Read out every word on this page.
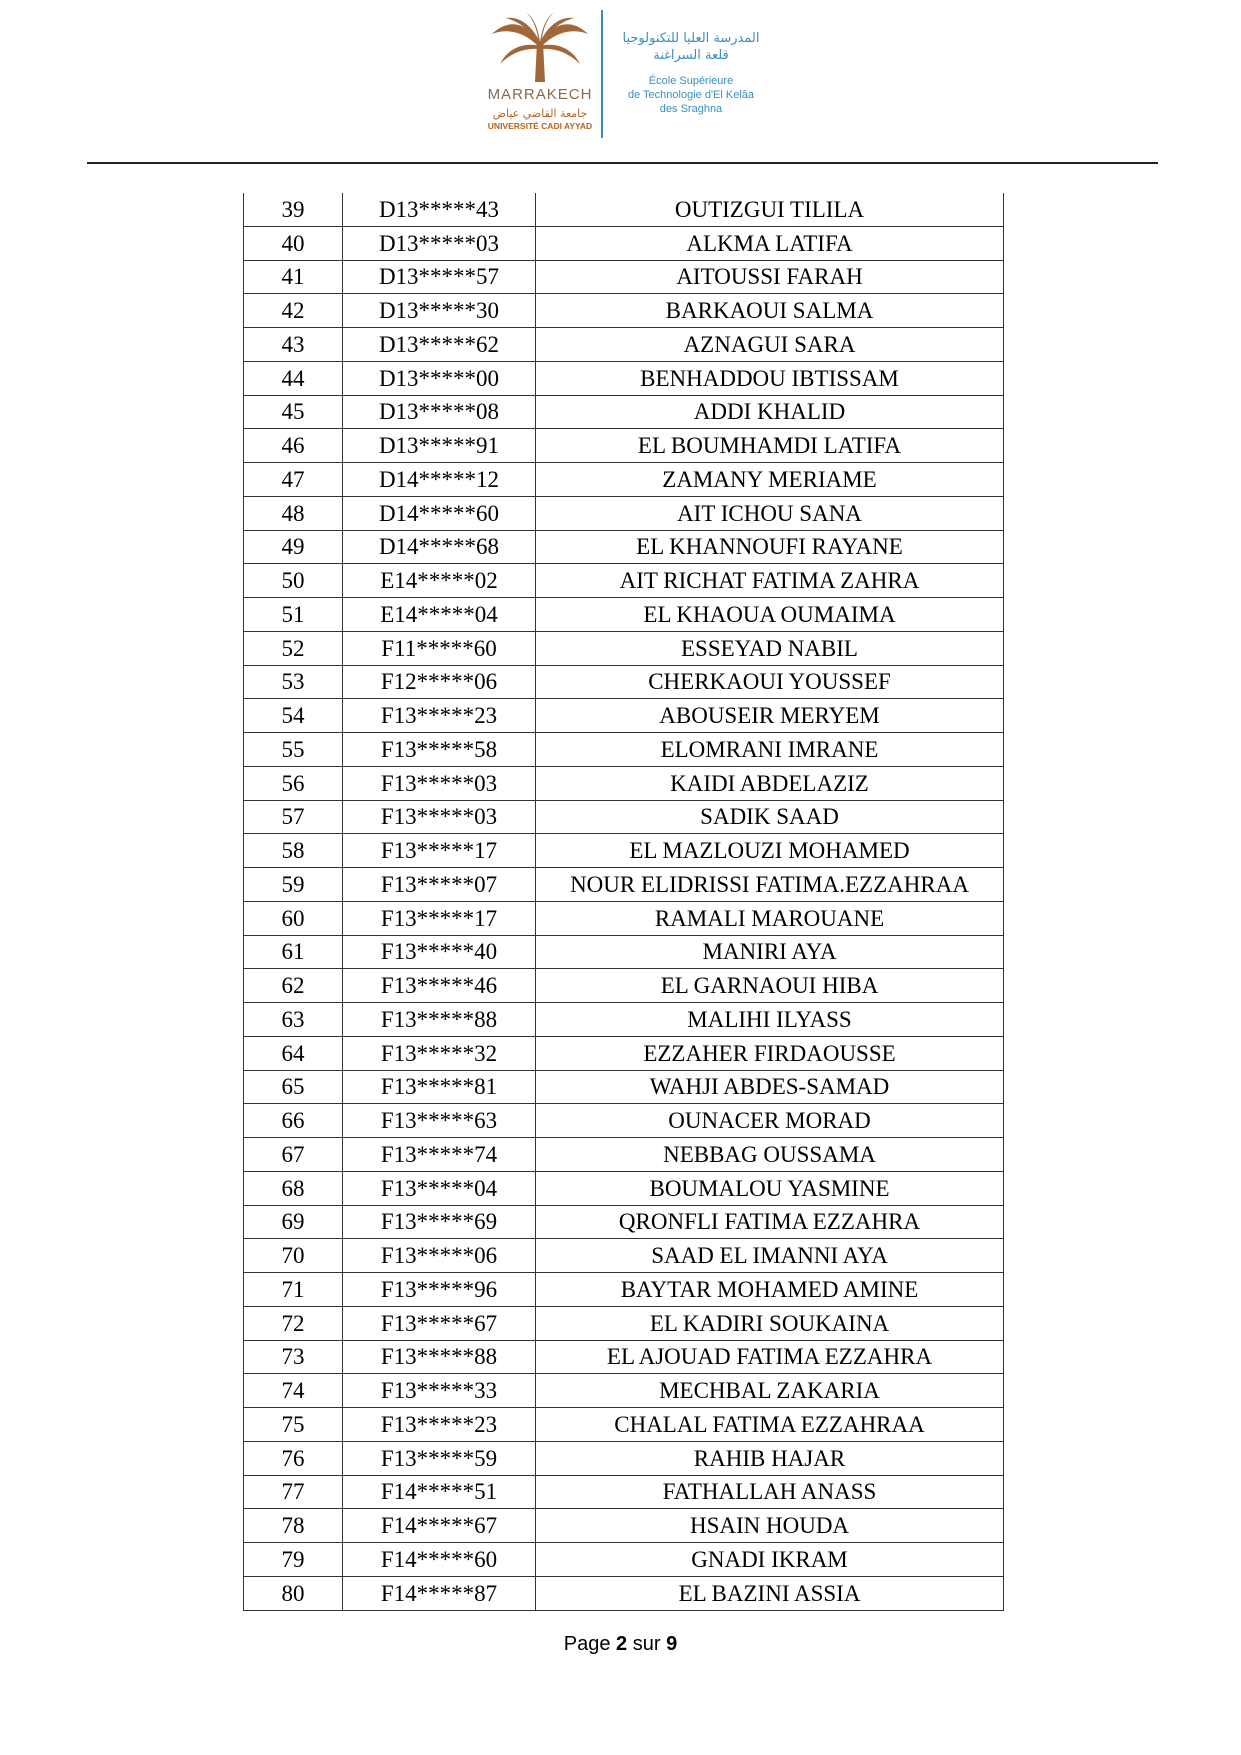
MARRAKECH
جامعة القاضي عياض
UNIVERSITÉ CADI AYYAD
المدرسة العليا للتكنولوجيا
قلعة السراغنة
École Supérieure
de Technologie d'El Kelâa
des Sraghna
39	D13*****43	OUTIZGUI TILILA
40	D13*****03	ALKMA LATIFA
41	D13*****57	AITOUSSI FARAH
42	D13*****30	BARKAOUI SALMA
43	D13*****62	AZNAGUI SARA
44	D13*****00	BENHADDOU IBTISSAM
45	D13*****08	ADDI KHALID
46	D13*****91	EL BOUMHAMDI LATIFA
47	D14*****12	ZAMANY MERIAME
48	D14*****60	AIT ICHOU SANA
49	D14*****68	EL KHANNOUFI RAYANE
50	E14*****02	AIT RICHAT FATIMA ZAHRA
51	E14*****04	EL KHAOUA OUMAIMA
52	F11*****60	ESSEYAD NABIL
53	F12*****06	CHERKAOUI YOUSSEF
54	F13*****23	ABOUSEIR MERYEM
55	F13*****58	ELOMRANI IMRANE
56	F13*****03	KAIDI ABDELAZIZ
57	F13*****03	SADIK SAAD
58	F13*****17	EL MAZLOUZI MOHAMED
59	F13*****07	NOUR ELIDRISSI FATIMA.EZZAHRAA
60	F13*****17	RAMALI MAROUANE
61	F13*****40	MANIRI AYA
62	F13*****46	EL GARNAOUI HIBA
63	F13*****88	MALIHI ILYASS
64	F13*****32	EZZAHER FIRDAOUSSE
65	F13*****81	WAHJI ABDES-SAMAD
66	F13*****63	OUNACER MORAD
67	F13*****74	NEBBAG OUSSAMA
68	F13*****04	BOUMALOU YASMINE
69	F13*****69	QRONFLI FATIMA EZZAHRA
70	F13*****06	SAAD EL IMANNI AYA
71	F13*****96	BAYTAR MOHAMED AMINE
72	F13*****67	EL KADIRI SOUKAINA
73	F13*****88	EL AJOUAD FATIMA EZZAHRA
74	F13*****33	MECHBAL ZAKARIA
75	F13*****23	CHALAL FATIMA EZZAHRAA
76	F13*****59	RAHIB HAJAR
77	F14*****51	FATHALLAH ANASS
78	F14*****67	HSAIN HOUDA
79	F14*****60	GNADI IKRAM
80	F14*****87	EL BAZINI ASSIA
Page 2 sur 9
